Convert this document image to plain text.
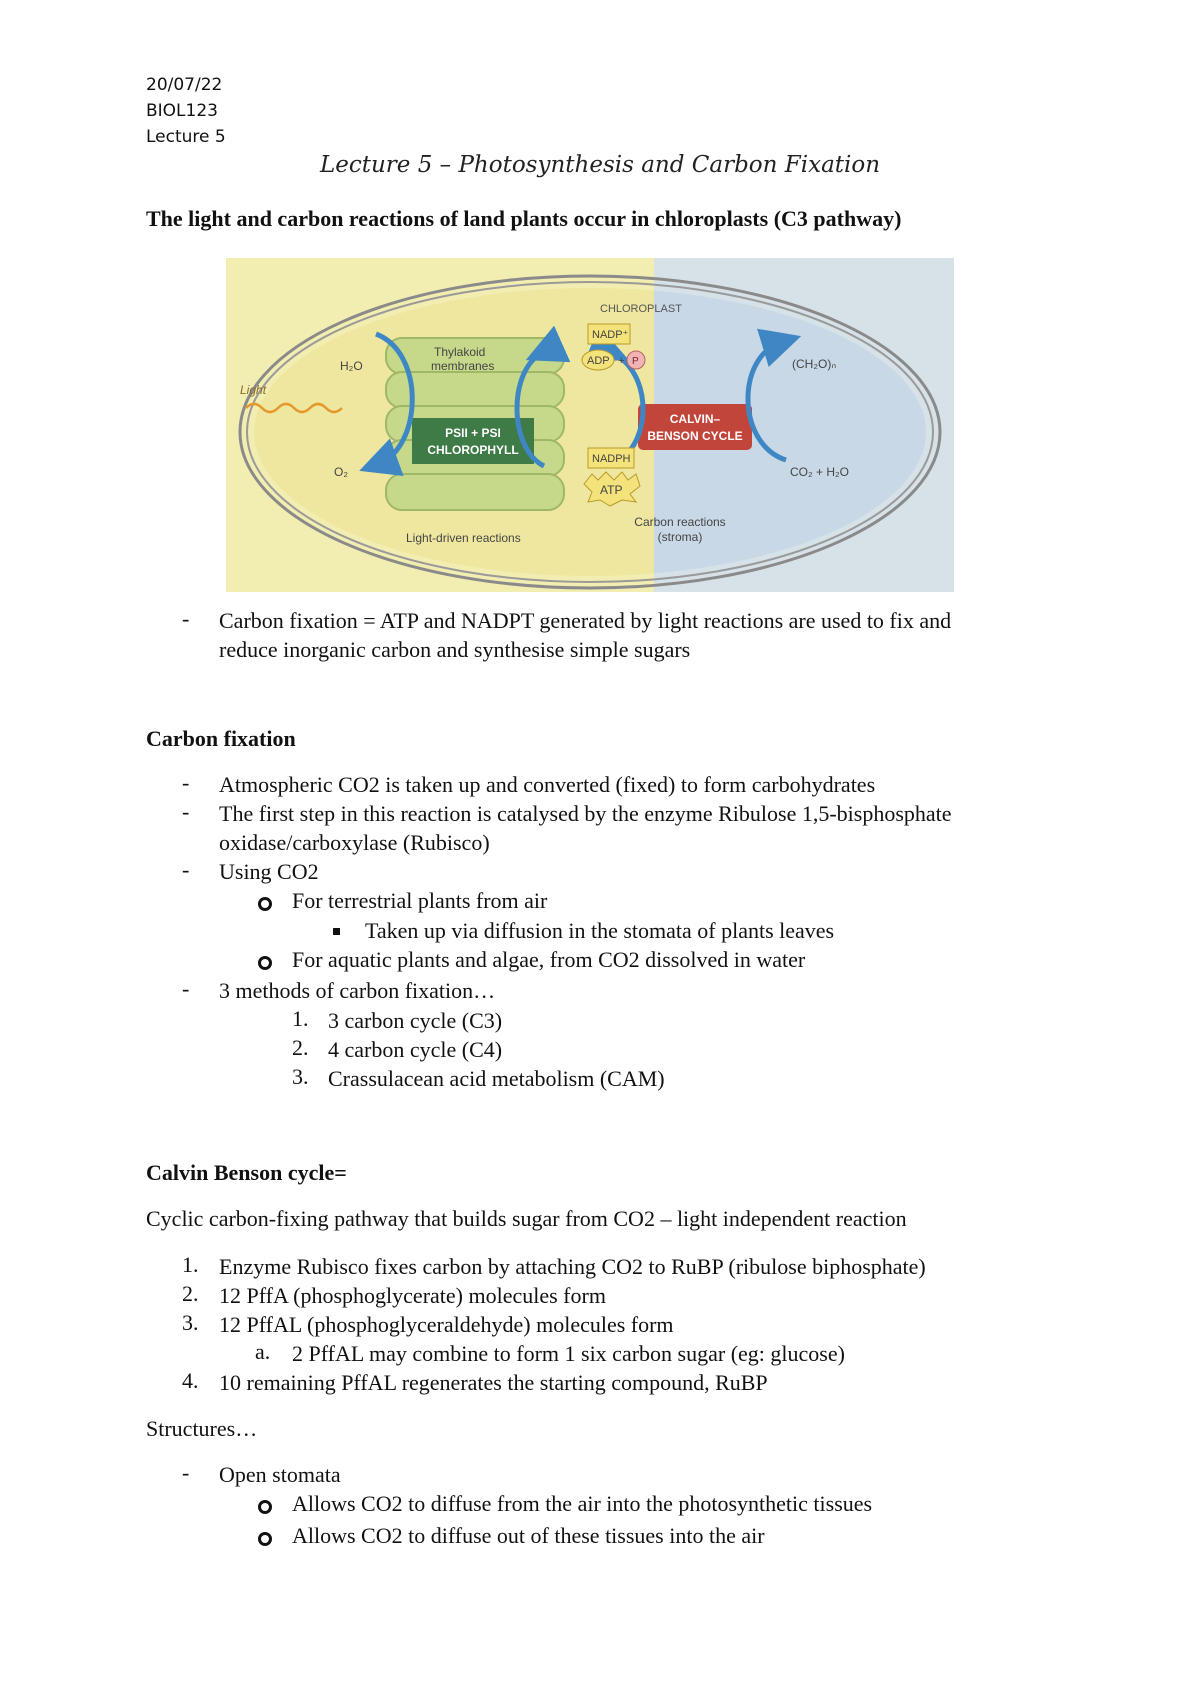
20/07/22
BIOL123
Lecture 5
Lecture 5 – Photosynthesis and Carbon Fixation
The light and carbon reactions of land plants occur in chloroplasts (C3 pathway)
PSII + PSI
CHLOROPHYLL
CALVIN–
BENSON CYCLE
CHLOROPLAST
Thylakoid
membranes
H₂O
Light
O₂
NADP⁺
ADP + P
NADPH
ATP
Light-driven reactions
(CH₂O)ₙ
CO₂ + H₂O
Carbon reactions
(stroma)
- Carbon fixation = ATP and NADPT generated by light reactions are used to fix and
reduce inorganic carbon and synthesise simple sugars
Carbon fixation
- Atmospheric CO2 is taken up and converted (fixed) to form carbohydrates
- The first step in this reaction is catalysed by the enzyme Ribulose 1,5-bisphosphate
oxidase/carboxylase (Rubisco)
- Using CO2
For terrestrial plants from air
Taken up via diffusion in the stomata of plants leaves
For aquatic plants and algae, from CO2 dissolved in water
- 3 methods of carbon fixation…
1. 3 carbon cycle (C3)
2. 4 carbon cycle (C4)
3. Crassulacean acid metabolism (CAM)
Calvin Benson cycle=
Cyclic carbon-fixing pathway that builds sugar from CO2 – light independent reaction
1. Enzyme Rubisco fixes carbon by attaching CO2 to RuBP (ribulose biphosphate)
2. 12 PffA (phosphoglycerate) molecules form
3. 12 PffAL (phosphoglyceraldehyde) molecules form
a. 2 PffAL may combine to form 1 six carbon sugar (eg: glucose)
4. 10 remaining PffAL regenerates the starting compound, RuBP
Structures…
- Open stomata
Allows CO2 to diffuse from the air into the photosynthetic tissues
Allows CO2 to diffuse out of these tissues into the air
